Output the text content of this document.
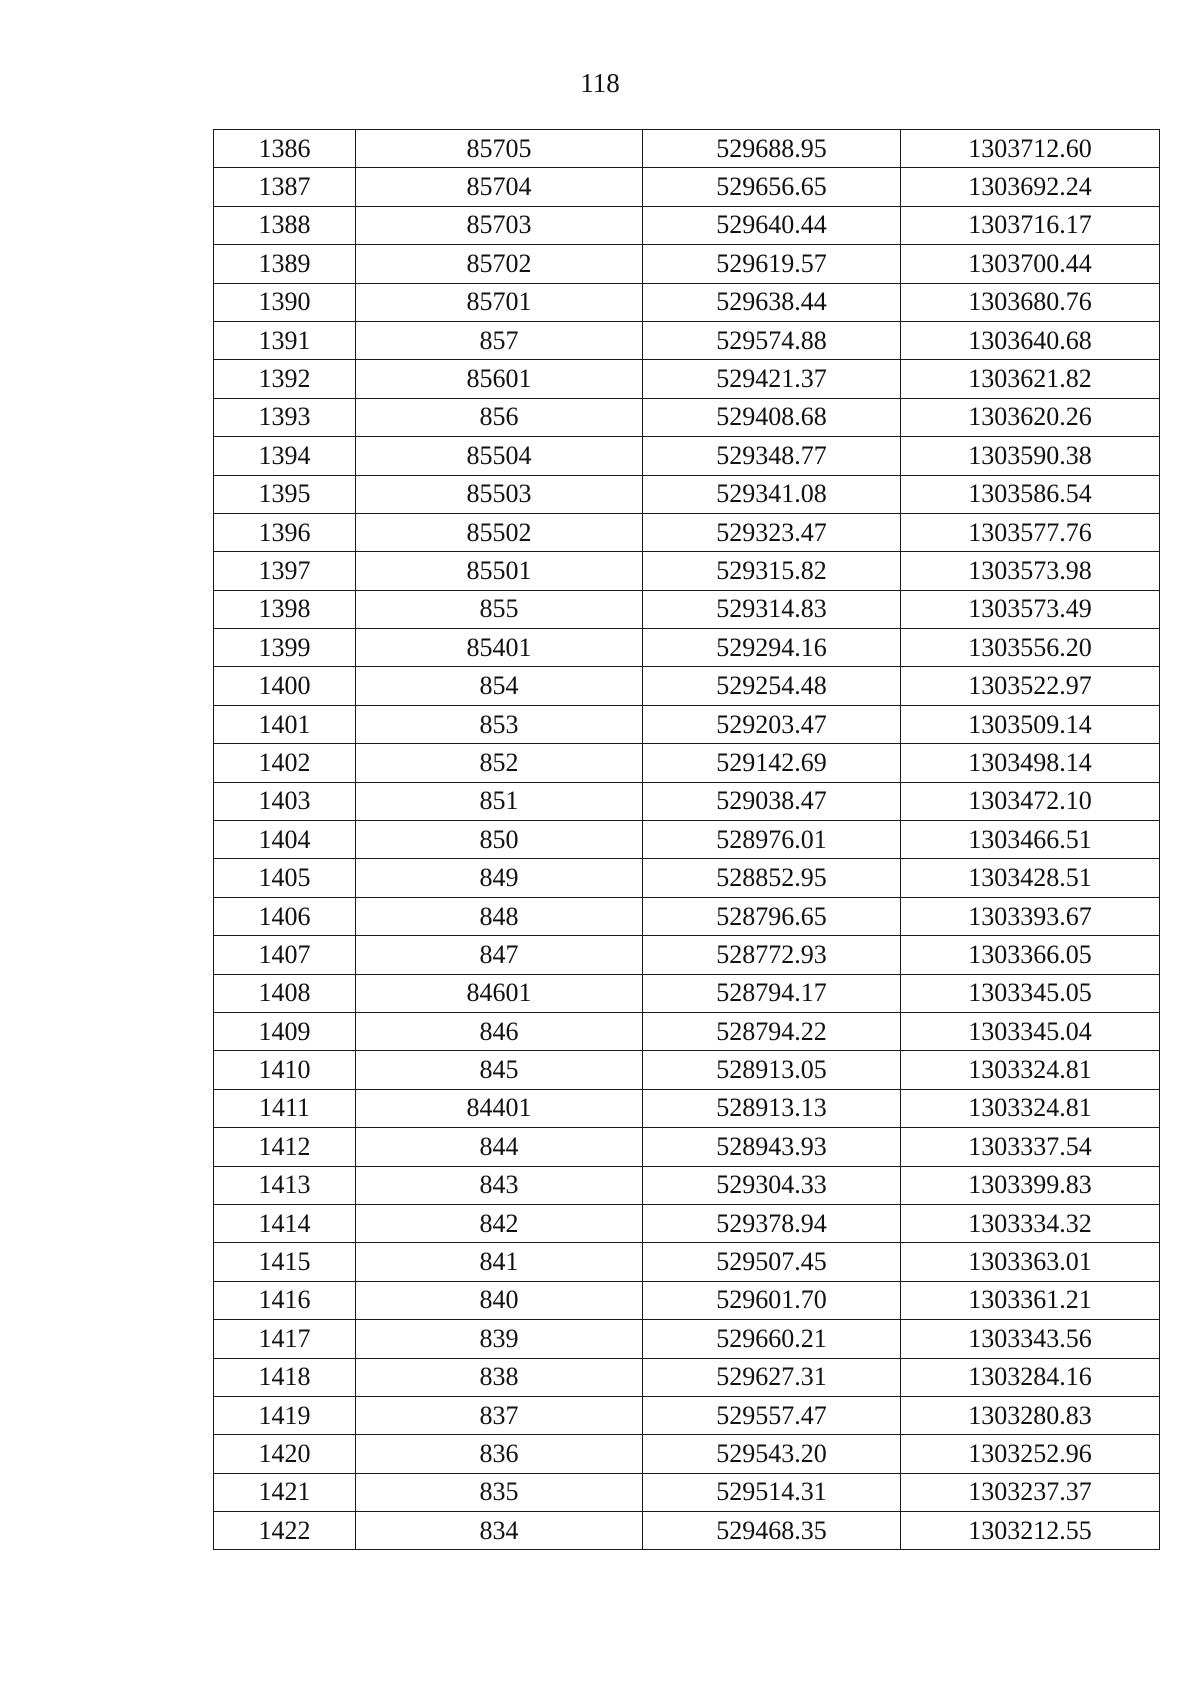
118
1386	85705	529688.95	1303712.60
1387	85704	529656.65	1303692.24
1388	85703	529640.44	1303716.17
1389	85702	529619.57	1303700.44
1390	85701	529638.44	1303680.76
1391	857	529574.88	1303640.68
1392	85601	529421.37	1303621.82
1393	856	529408.68	1303620.26
1394	85504	529348.77	1303590.38
1395	85503	529341.08	1303586.54
1396	85502	529323.47	1303577.76
1397	85501	529315.82	1303573.98
1398	855	529314.83	1303573.49
1399	85401	529294.16	1303556.20
1400	854	529254.48	1303522.97
1401	853	529203.47	1303509.14
1402	852	529142.69	1303498.14
1403	851	529038.47	1303472.10
1404	850	528976.01	1303466.51
1405	849	528852.95	1303428.51
1406	848	528796.65	1303393.67
1407	847	528772.93	1303366.05
1408	84601	528794.17	1303345.05
1409	846	528794.22	1303345.04
1410	845	528913.05	1303324.81
1411	84401	528913.13	1303324.81
1412	844	528943.93	1303337.54
1413	843	529304.33	1303399.83
1414	842	529378.94	1303334.32
1415	841	529507.45	1303363.01
1416	840	529601.70	1303361.21
1417	839	529660.21	1303343.56
1418	838	529627.31	1303284.16
1419	837	529557.47	1303280.83
1420	836	529543.20	1303252.96
1421	835	529514.31	1303237.37
1422	834	529468.35	1303212.55
